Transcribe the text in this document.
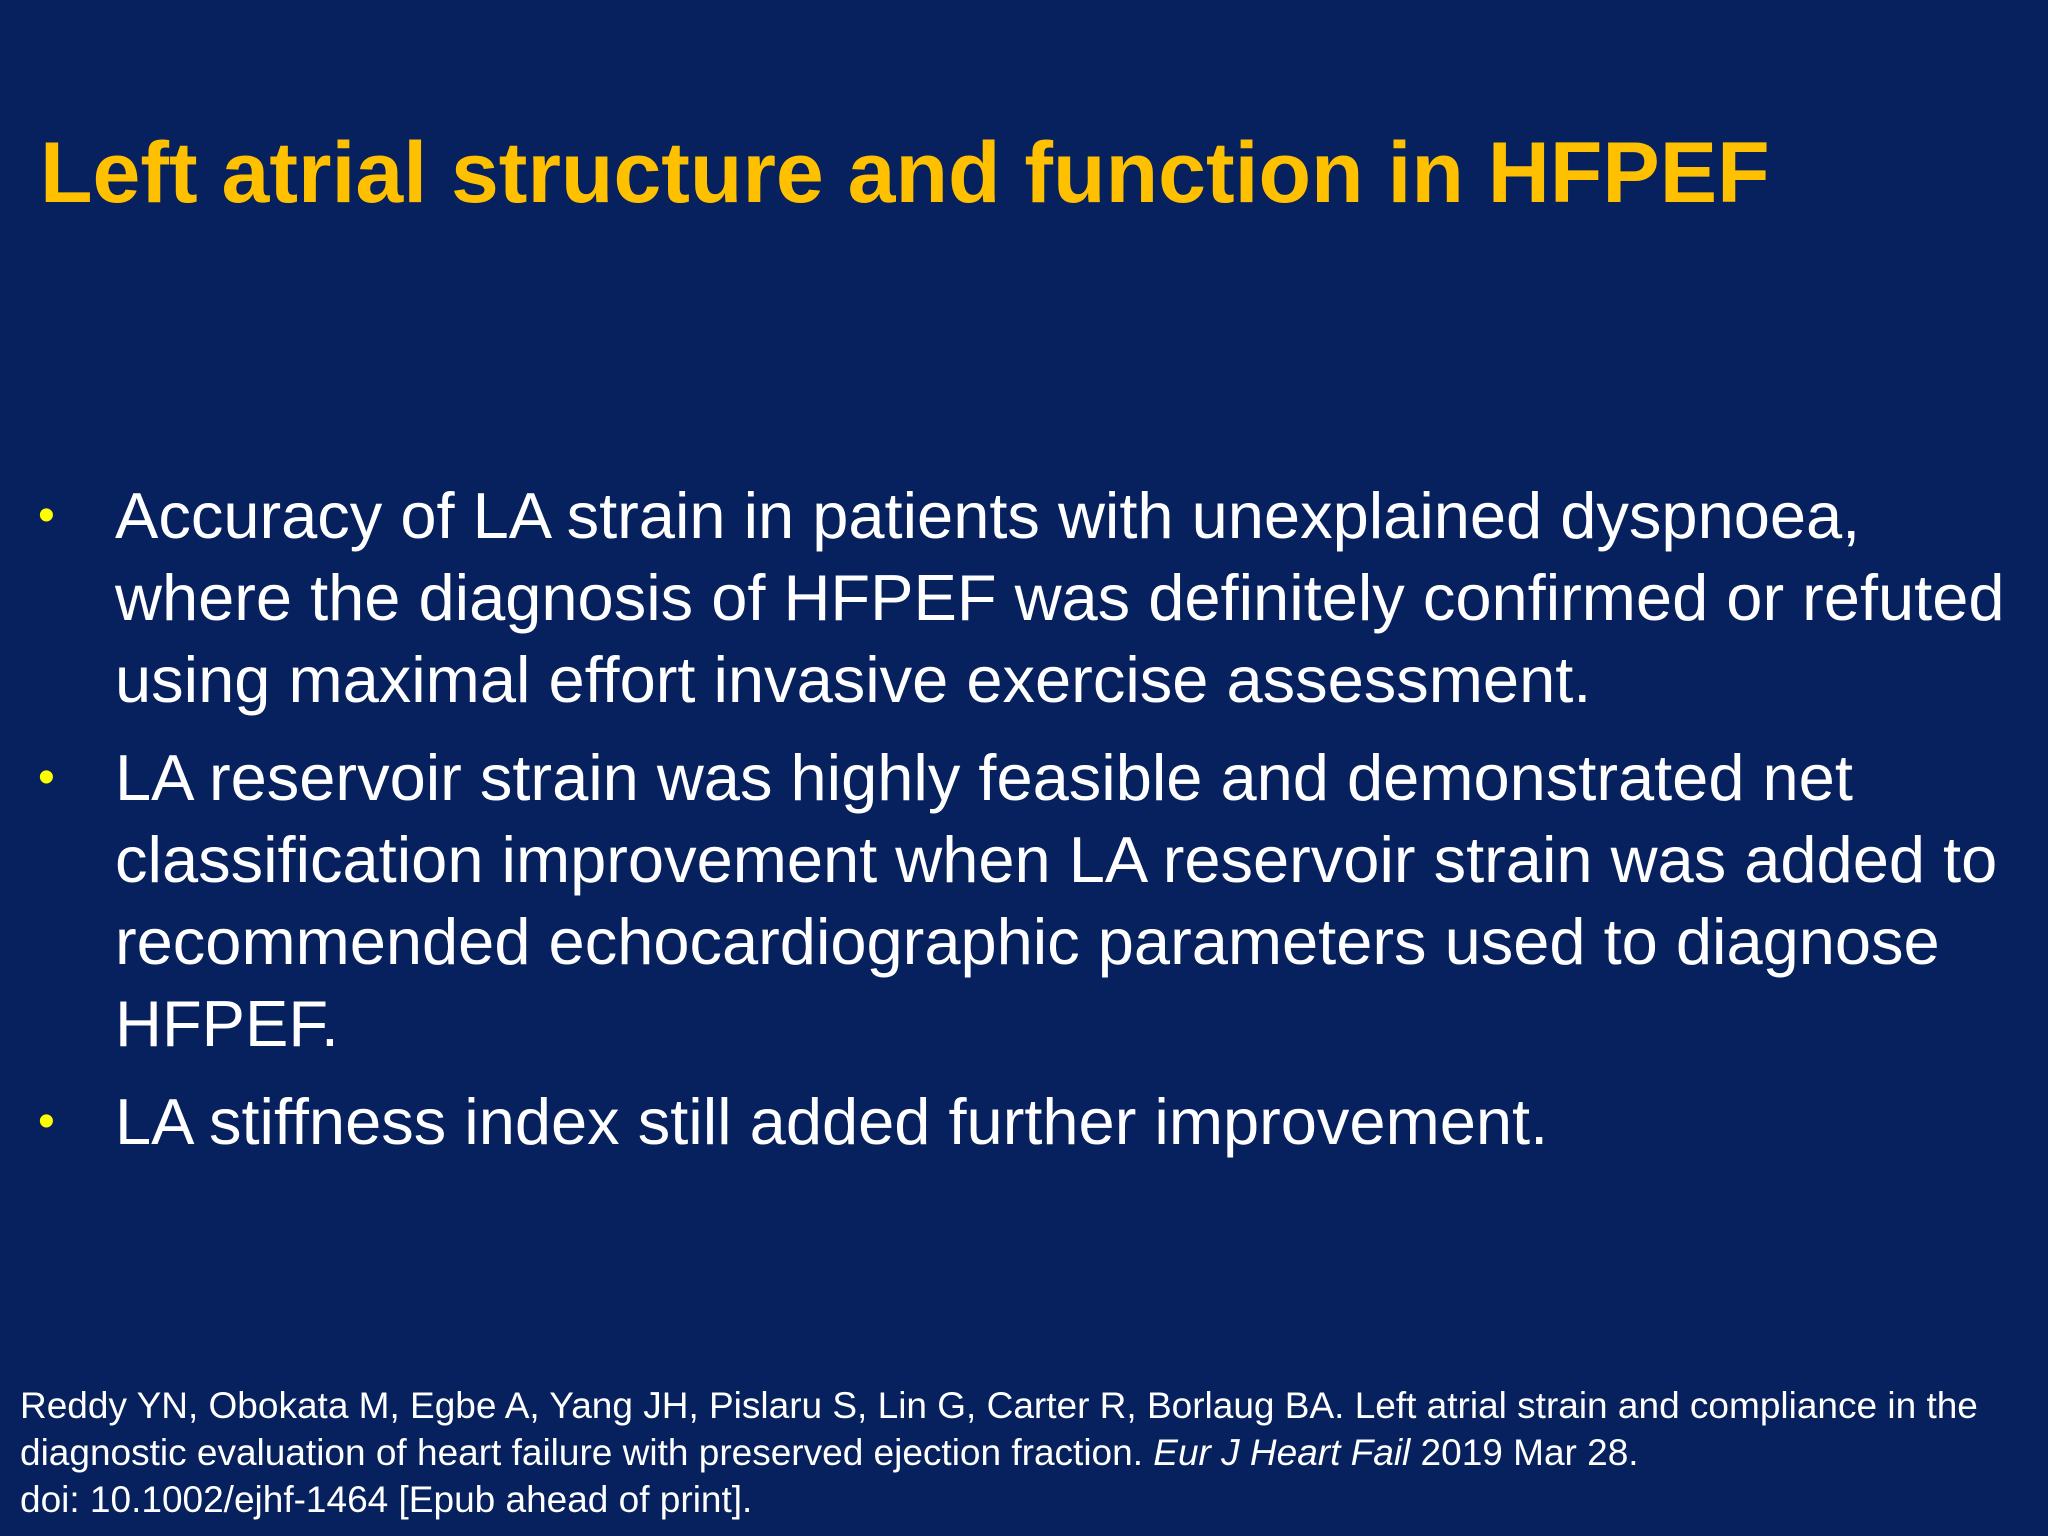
Left atrial structure and function in HFPEF
• Accuracy of LA strain in patients with unexplained dyspnoea, where the diagnosis of HFPEF was definitely confirmed or refuted using maximal effort invasive exercise assessment.
• LA reservoir strain was highly feasible and demonstrated net classification improvement when LA reservoir strain was added to recommended echocardiographic parameters used to diagnose HFPEF.
• LA stiffness index still added further improvement.

Reddy YN, Obokata M, Egbe A, Yang JH, Pislaru S, Lin G, Carter R, Borlaug BA. Left atrial strain and compliance in the diagnostic evaluation of heart failure with preserved ejection fraction. Eur J Heart Fail 2019 Mar 28.
doi: 10.1002/ejhf-1464 [Epub ahead of print].
